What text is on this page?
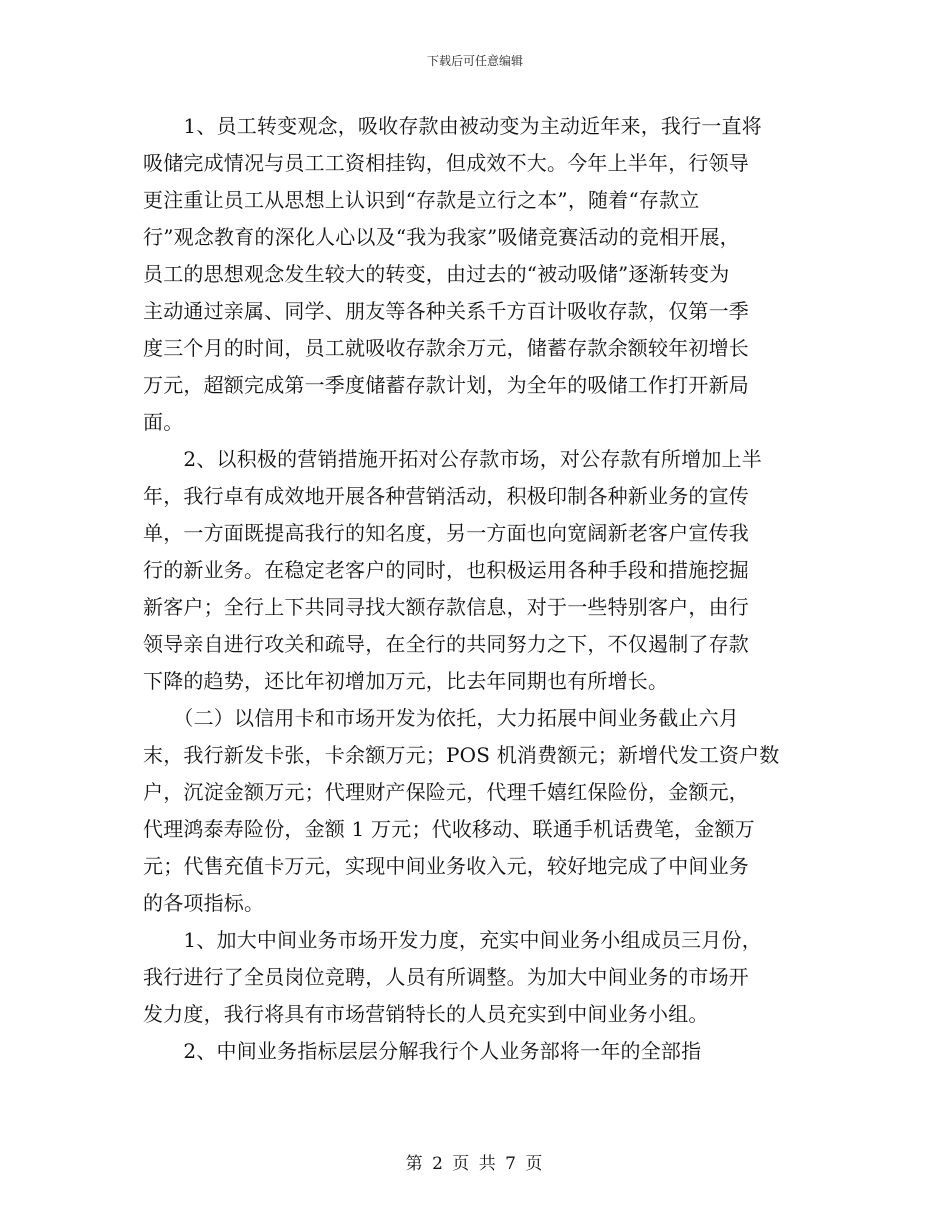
下载后可任意编辑

　　1、员工转变观念，吸收存款由被动变为主动近年来，我行一直将
吸储完成情况与员工工资相挂钩，但成效不大。今年上半年，行领导
更注重让员工从思想上认识到“存款是立行之本”，随着“存款立
行”观念教育的深化人心以及“我为我家”吸储竞赛活动的竞相开展，
员工的思想观念发生较大的转变，由过去的“被动吸储”逐渐转变为
主动通过亲属、同学、朋友等各种关系千方百计吸收存款，仅第一季
度三个月的时间，员工就吸收存款余万元，储蓄存款余额较年初增长
万元，超额完成第一季度储蓄存款计划，为全年的吸储工作打开新局
面。

　　2、以积极的营销措施开拓对公存款市场，对公存款有所增加上半
年，我行卓有成效地开展各种营销活动，积极印制各种新业务的宣传
单，一方面既提高我行的知名度，另一方面也向宽阔新老客户宣传我
行的新业务。在稳定老客户的同时，也积极运用各种手段和措施挖掘
新客户；全行上下共同寻找大额存款信息，对于一些特别客户，由行
领导亲自进行攻关和疏导，在全行的共同努力之下，不仅遏制了存款
下降的趋势，还比年初增加万元，比去年同期也有所增长。

　　（二）以信用卡和市场开发为依托，大力拓展中间业务截止六月
末，我行新发卡张，卡余额万元；POS 机消费额元；新增代发工资户数
户，沉淀金额万元；代理财产保险元，代理千嬉红保险份，金额元，
代理鸿泰寿险份，金额 1 万元；代收移动、联通手机话费笔，金额万
元；代售充值卡万元，实现中间业务收入元，较好地完成了中间业务
的各项指标。

　　1、加大中间业务市场开发力度，充实中间业务小组成员三月份，
我行进行了全员岗位竞聘，人员有所调整。为加大中间业务的市场开
发力度，我行将具有市场营销特长的人员充实到中间业务小组。

　　2、中间业务指标层层分解我行个人业务部将一年的全部指

第 2 页 共 7 页
